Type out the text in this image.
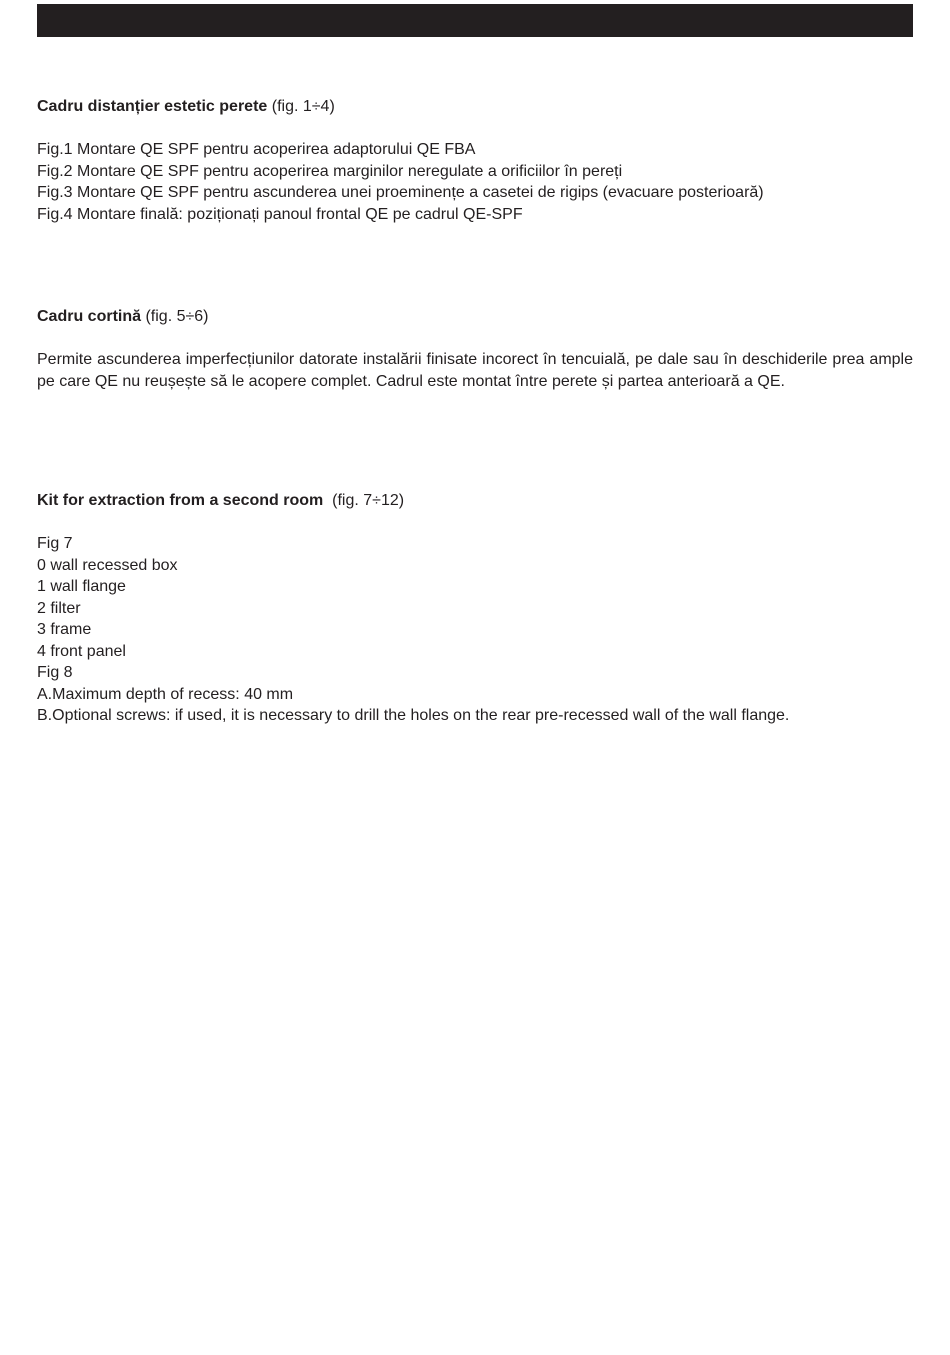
Cadru distanțier estetic perete (fig. 1÷4)

Fig.1 Montare QE SPF pentru acoperirea adaptorului QE FBA

Fig.2 Montare QE SPF pentru acoperirea marginilor neregulate a orificiilor în pereți

Fig.3 Montare QE SPF pentru ascunderea unei proeminențe a casetei de rigips (evacuare posterioară)

Fig.4 Montare finală: poziționați panoul frontal QE pe cadrul QE-SPF

Cadru cortină (fig. 5÷6)

Permite ascunderea imperfecțiunilor datorate instalării finisate incorect în tencuială, pe dale sau în deschiderile prea ample pe care QE nu reușește să le acopere complet. Cadrul este montat între perete și partea anterioară a QE.

Kit for extraction from a second room  (fig. 7÷12)

Fig 7

0 wall recessed box

1 wall flange

2 filter

3 frame

4 front panel

Fig 8

A.Maximum depth of recess: 40 mm

B.Optional screws: if used, it is necessary to drill the holes on the rear pre-recessed wall of the wall flange.
